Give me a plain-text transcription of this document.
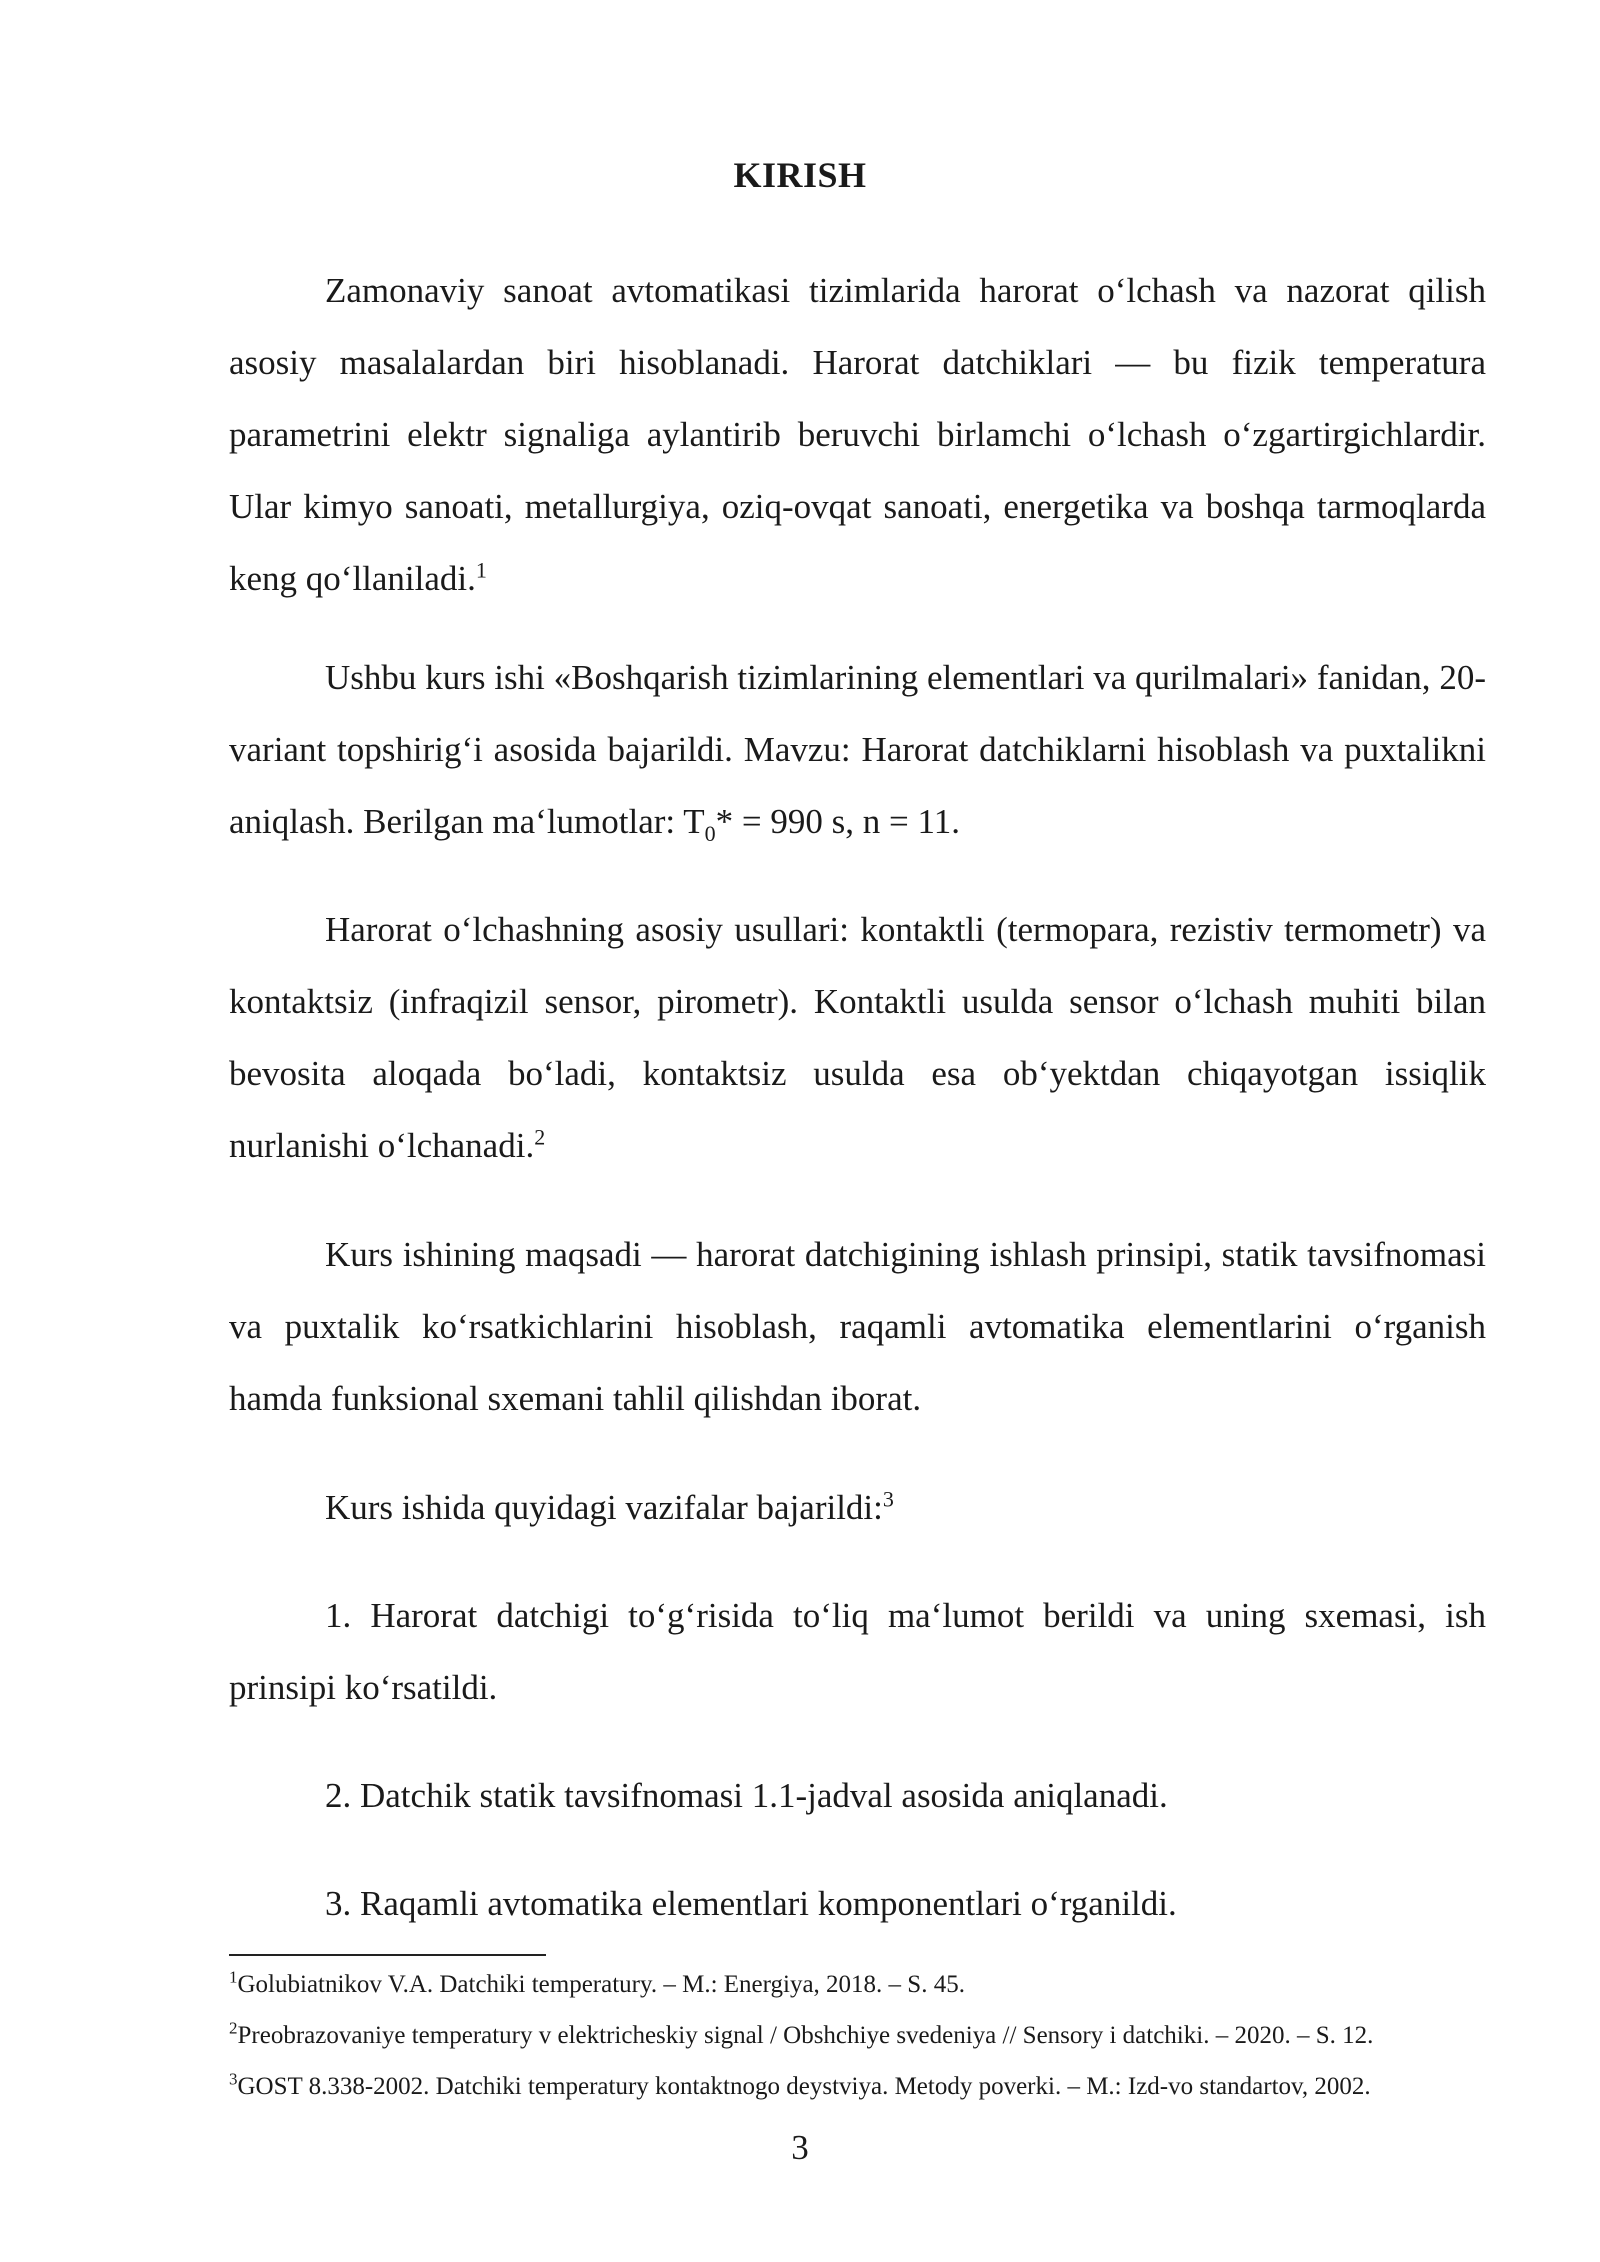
KIRISH

Zamonaviy sanoat avtomatikasi tizimlarida harorat o‘lchash va nazorat qilish asosiy masalalardan biri hisoblanadi. Harorat datchiklari — bu fizik temperatura parametrini elektr signaliga aylantirib beruvchi birlamchi o‘lchash o‘zgartirgichlardir. Ular kimyo sanoati, metallurgiya, oziq-ovqat sanoati, energetika va boshqa tarmoqlarda keng qo‘llaniladi.$^1$

Ushbu kurs ishi «Boshqarish tizimlarining elementlari va qurilmalari» fanidan, 20-variant topshirig‘i asosida bajarildi. Mavzu: Harorat datchiklarni hisoblash va puxtalikni aniqlash. Berilgan ma‘lumotlar: $T_0* = 990$ s, n = 11.

Harorat o‘lchashning asosiy usullari: kontaktli (termopara, rezistiv termometr) va kontaktsiz (infraqizil sensor, pirometr). Kontaktli usulda sensor o‘lchash muhiti bilan bevosita aloqada bo‘ladi, kontaktsiz usulda esa ob‘yektdan chiqayotgan issiqlik nurlanishi o‘lchanadi.$^2$

Kurs ishining maqsadi — harorat datchigining ishlash prinsipi, statik tavsifnomasi va puxtalik ko‘rsatkichlarini hisoblash, raqamli avtomatika elementlarini o‘rganish hamda funksional sxemani tahlil qilishdan iborat.

Kurs ishida quyidagi vazifalar bajarildi:$^3$

1. Harorat datchigi to‘g‘risida to‘liq ma‘lumot berildi va uning sxemasi, ish prinsipi ko‘rsatildi.

2. Datchik statik tavsifnomasi 1.1-jadval asosida aniqlanadi.

3. Raqamli avtomatika elementlari komponentlari o‘rganildi.

$^1$Golubiatnikov V.A. Datchiki temperatury. – M.: Energiya, 2018. – S. 45.

$^2$Preobrazovaniye temperatury v elektricheskiy signal / Obshchiye svedeniya // Sensory i datchiki. – 2020. – S. 12.

$^3$GOST 8.338-2002. Datchiki temperatury kontaktnogo deystviya. Metody poverki. – M.: Izd-vo standartov, 2002.

3
